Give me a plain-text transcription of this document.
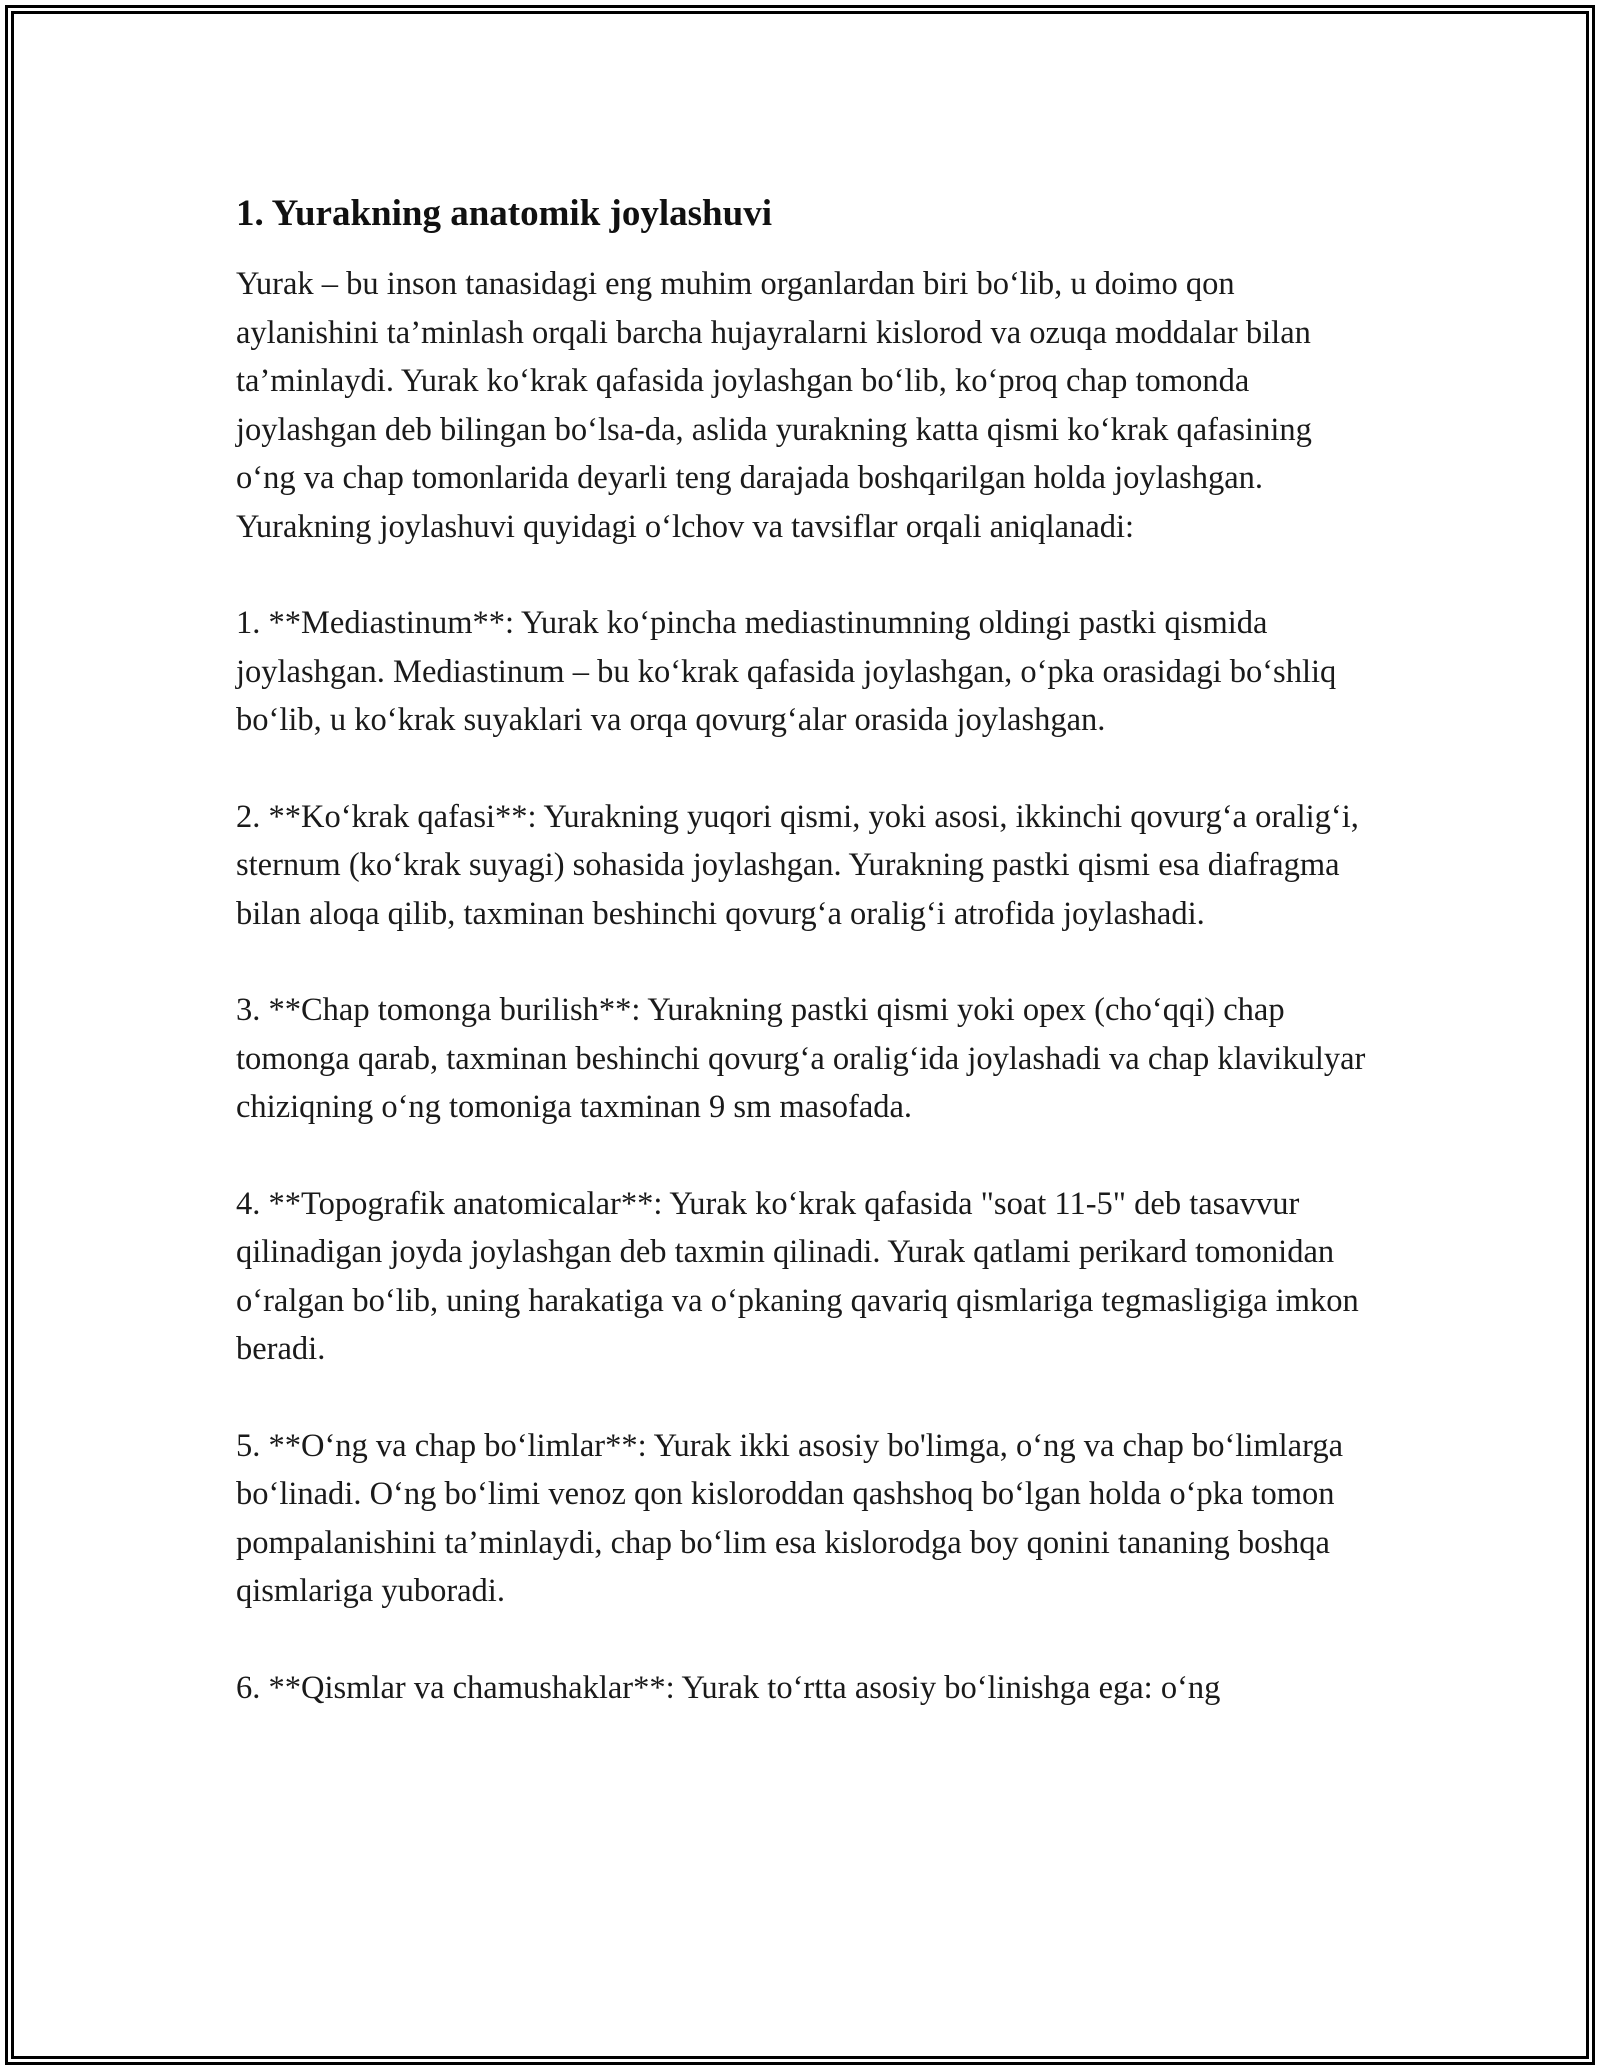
1. Yurakning anatomik joylashuvi

Yurak – bu inson tanasidagi eng muhim organlardan biri bo‘lib, u doimo qon aylanishini ta’minlash orqali barcha hujayralarni kislorod va ozuqa moddalar bilan ta’minlaydi. Yurak ko‘krak qafasida joylashgan bo‘lib, ko‘proq chap tomonda joylashgan deb bilingan bo‘lsa-da, aslida yurakning katta qismi ko‘krak qafasining o‘ng va chap tomonlarida deyarli teng darajada boshqarilgan holda joylashgan. Yurakning joylashuvi quyidagi o‘lchov va tavsiflar orqali aniqlanadi:

1. **Mediastinum**: Yurak ko‘pincha mediastinumning oldingi pastki qismida joylashgan. Mediastinum – bu ko‘krak qafasida joylashgan, o‘pka orasidagi bo‘shliq bo‘lib, u ko‘krak suyaklari va orqa qovurg‘alar orasida joylashgan.

2. **Ko‘krak qafasi**: Yurakning yuqori qismi, yoki asosi, ikkinchi qovurg‘a oralig‘i, sternum (ko‘krak suyagi) sohasida joylashgan. Yurakning pastki qismi esa diafragma bilan aloqa qilib, taxminan beshinchi qovurg‘a oralig‘i atrofida joylashadi.

3. **Chap tomonga burilish**: Yurakning pastki qismi yoki opex (cho‘qqi) chap tomonga qarab, taxminan beshinchi qovurg‘a oralig‘ida joylashadi va chap klavikulyar chiziqning o‘ng tomoniga taxminan 9 sm masofada.

4. **Topografik anatomicalar**: Yurak ko‘krak qafasida "soat 11-5" deb tasavvur qilinadigan joyda joylashgan deb taxmin qilinadi. Yurak qatlami perikard tomonidan o‘ralgan bo‘lib, uning harakatiga va o‘pkaning qavariq qismlariga tegmasligiga imkon beradi.

5. **O‘ng va chap bo‘limlar**: Yurak ikki asosiy bo'limga, o‘ng va chap bo‘limlarga bo‘linadi. O‘ng bo‘limi venoz qon kisloroddan qashshoq bo‘lgan holda o‘pka tomon pompalanishini ta’minlaydi, chap bo‘lim esa kislorodga boy qonini tananing boshqa qismlariga yuboradi.

6. **Qismlar va chamushaklar**: Yurak to‘rtta asosiy bo‘linishga ega: o‘ng
